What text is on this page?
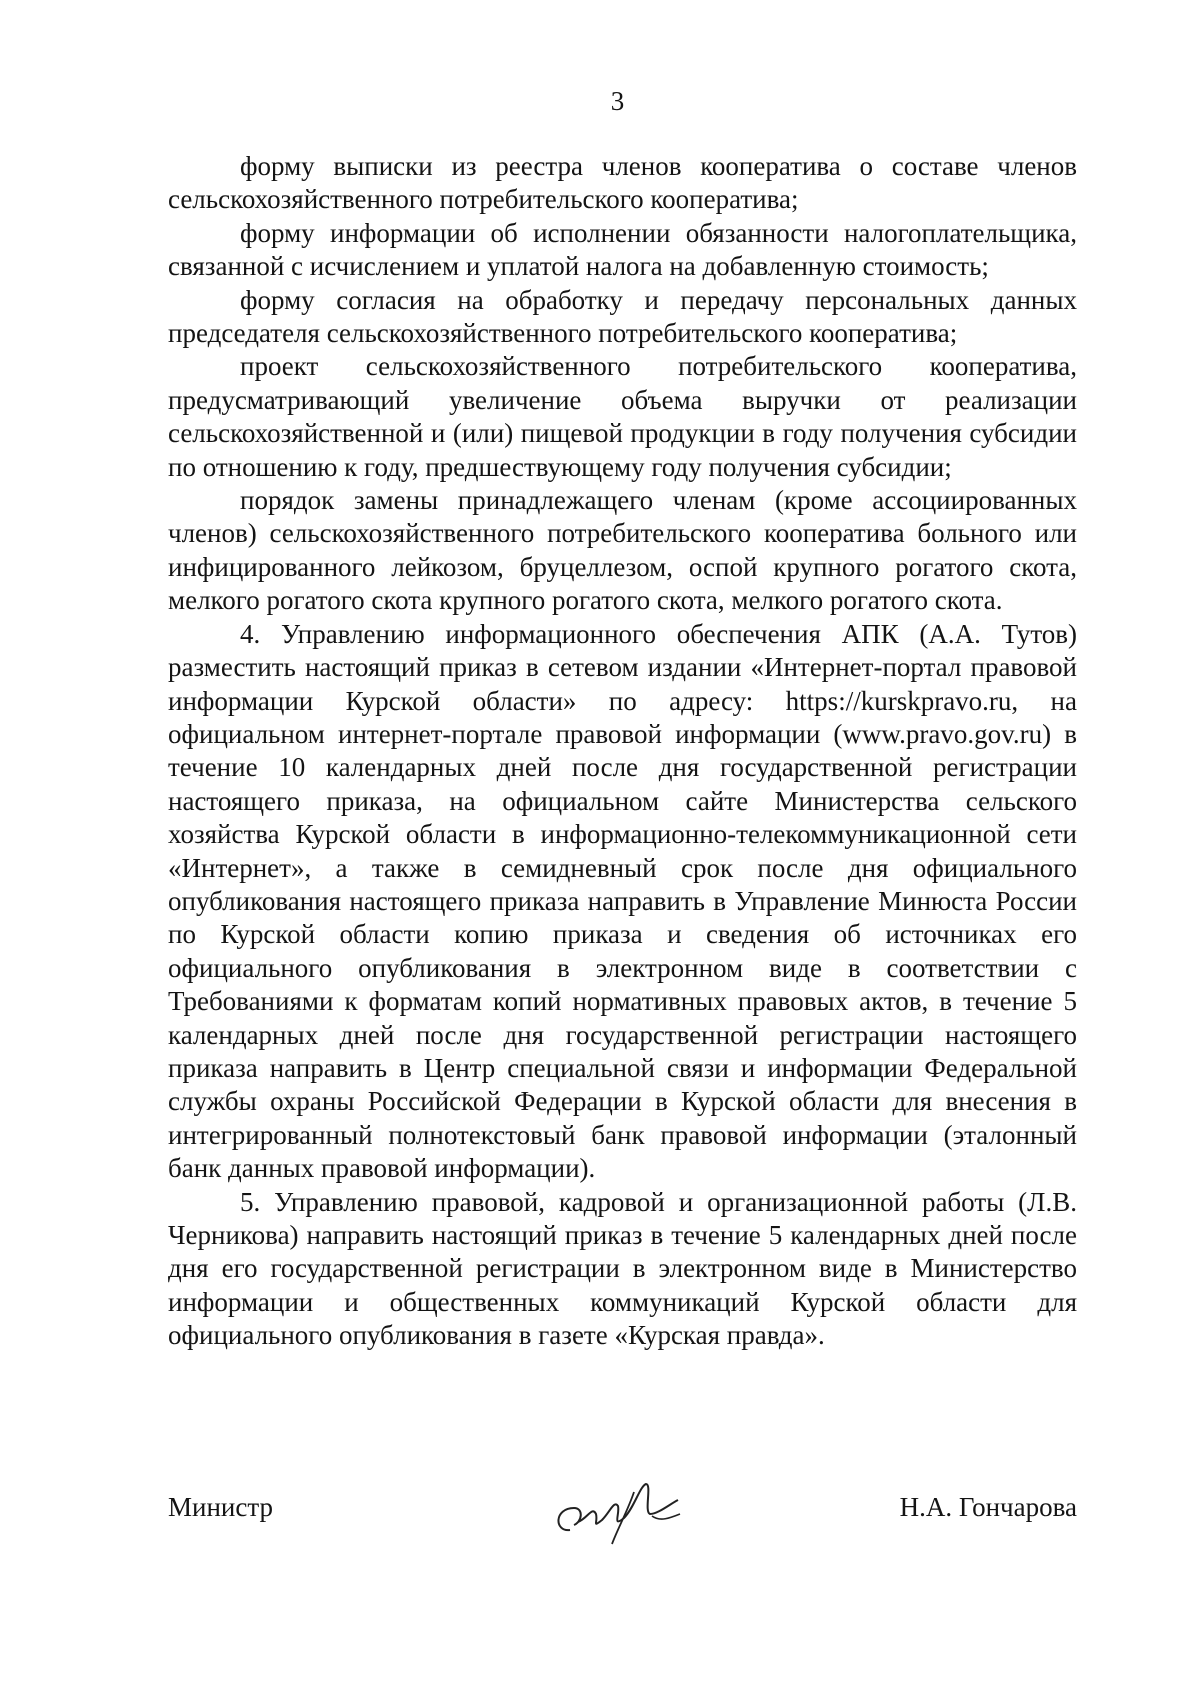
3

форму выписки из реестра членов кооператива о составе членов сельскохозяйственного потребительского кооператива;

форму информации об исполнении обязанности налогоплательщика, связанной с исчислением и уплатой налога на добавленную стоимость;

форму согласия на обработку и передачу персональных данных председателя сельскохозяйственного потребительского кооператива;

проект сельскохозяйственного потребительского кооператива, предусматривающий увеличение объема выручки от реализации сельскохозяйственной и (или) пищевой продукции в году получения субсидии по отношению к году, предшествующему году получения субсидии;

порядок замены принадлежащего членам (кроме ассоциированных членов) сельскохозяйственного потребительского кооператива больного или инфицированного лейкозом, бруцеллезом, оспой крупного рогатого скота, мелкого рогатого скота крупного рогатого скота, мелкого рогатого скота.

4. Управлению информационного обеспечения АПК (А.А. Тутов) разместить настоящий приказ в сетевом издании «Интернет-портал правовой информации Курской области» по адресу: https://kurskpravo.ru, на официальном интернет-портале правовой информации (www.pravo.gov.ru) в течение 10 календарных дней после дня государственной регистрации настоящего приказа, на официальном сайте Министерства сельского хозяйства Курской области в информационно-телекоммуникационной сети «Интернет», а также в семидневный срок после дня официального опубликования настоящего приказа направить в Управление Минюста России по Курской области копию приказа и сведения об источниках его официального опубликования в электронном виде в соответствии с Требованиями к форматам копий нормативных правовых актов, в течение 5 календарных дней после дня государственной регистрации настоящего приказа направить в Центр специальной связи и информации Федеральной службы охраны Российской Федерации в Курской области для внесения в интегрированный полнотекстовый банк правовой информации (эталонный банк данных правовой информации).

5. Управлению правовой, кадровой и организационной работы (Л.В. Черникова) направить настоящий приказ в течение 5 календарных дней после дня его государственной регистрации в электронном виде в Министерство информации и общественных коммуникаций Курской области для официального опубликования в газете «Курская правда».

Министр	Н.А. Гончарова
